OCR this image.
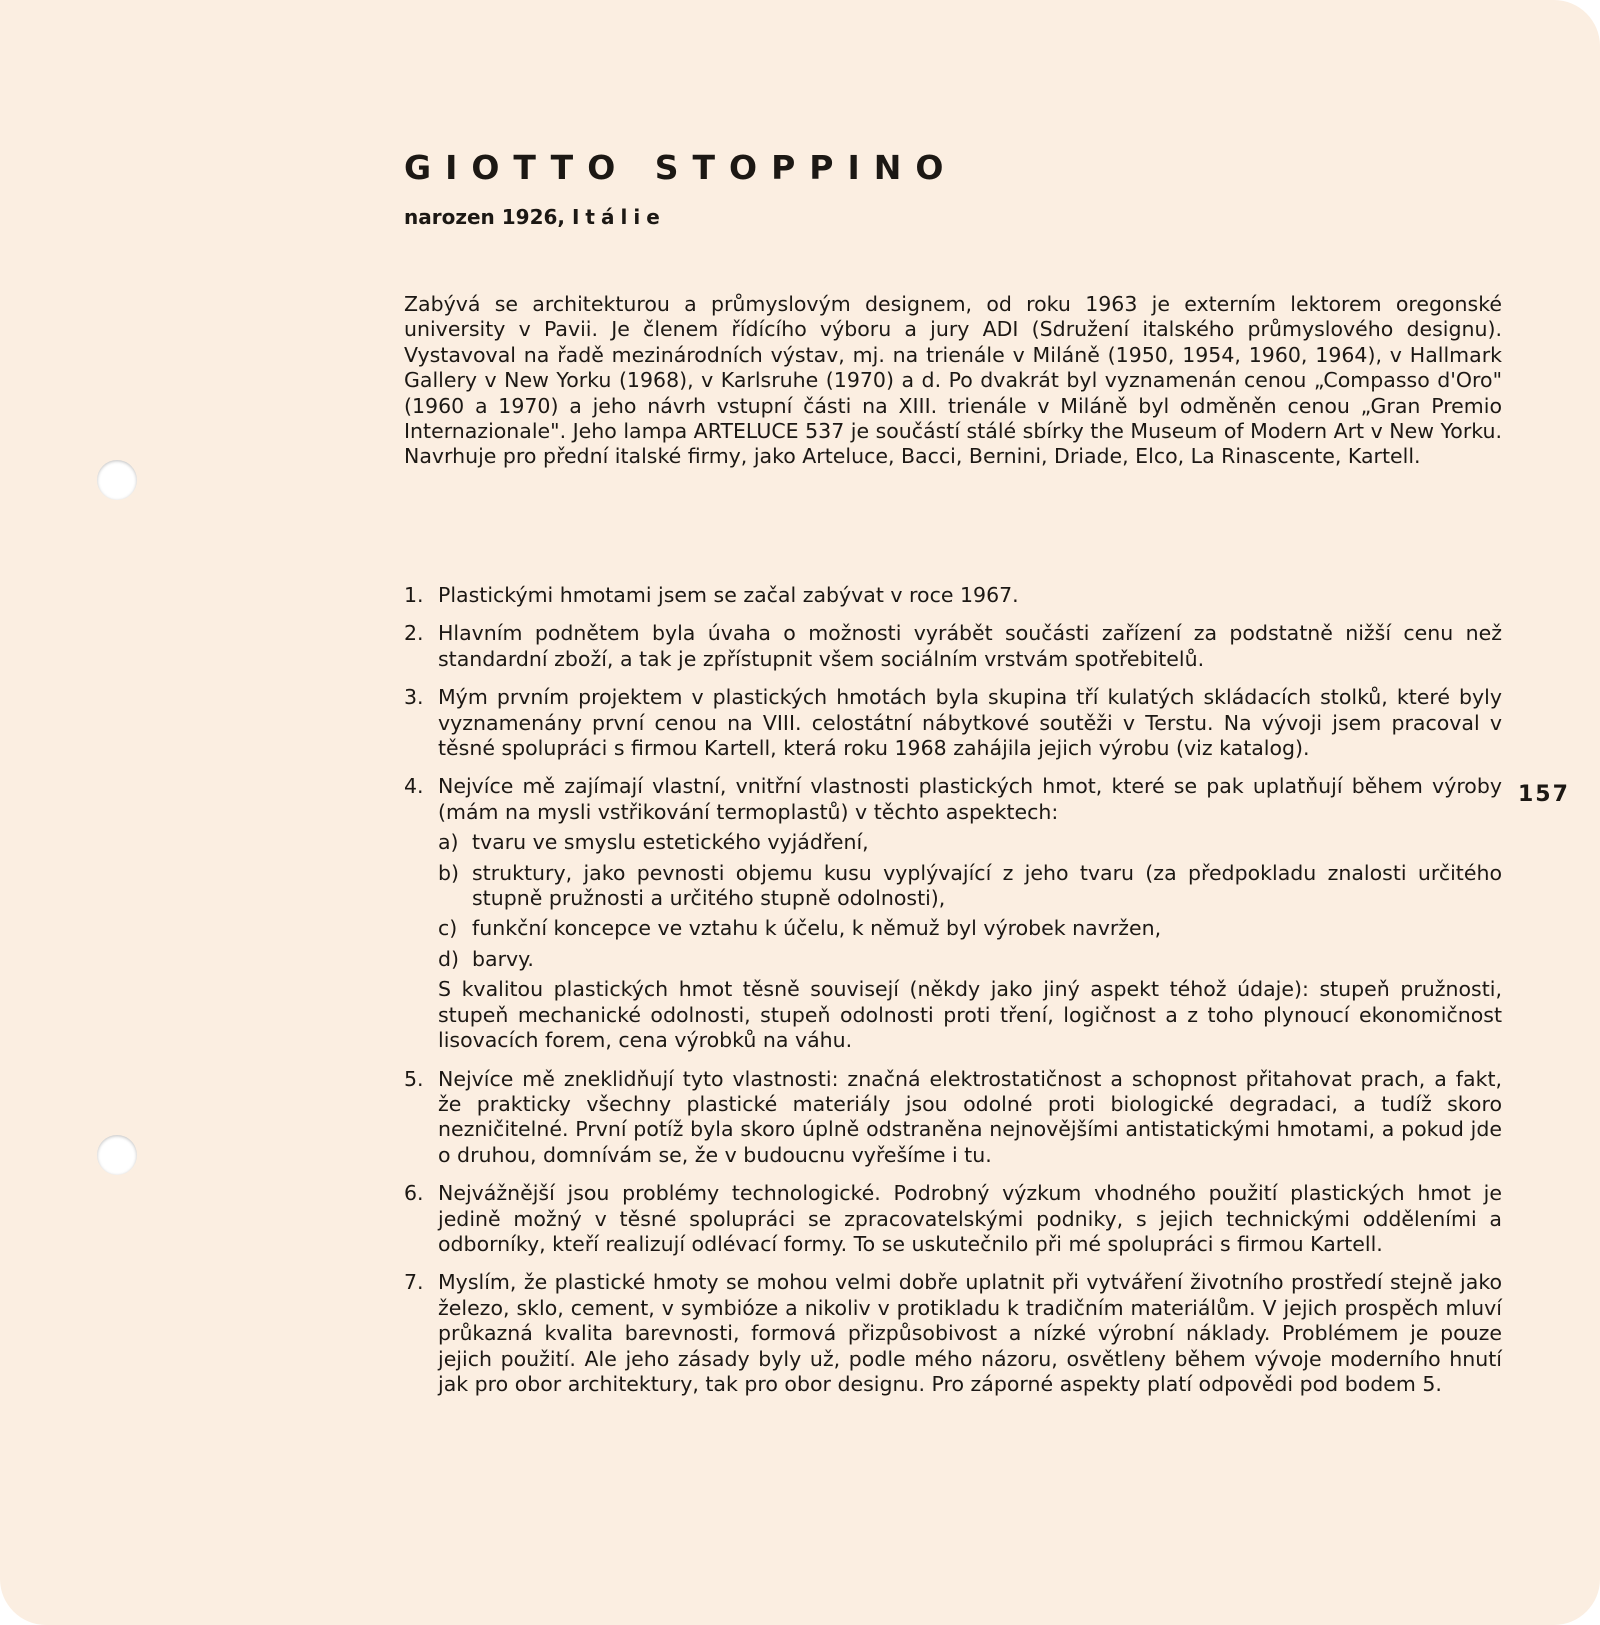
GIOTTO STOPPINO
narozen 1926, Itálie

Zabývá se architekturou a průmyslovým designem, od roku 1963 je externím lektorem oregonské university v Pavii. Je členem řídícího výboru a jury ADI (Sdružení italského průmyslového designu). Vystavoval na řadě mezinárodních výstav, mj. na trienále v Miláně (1950, 1954, 1960, 1964), v Hallmark Gallery v New Yorku (1968), v Karlsruhe (1970) a d. Po dvakrát byl vyznamenán cenou „Compasso d'Oro" (1960 a 1970) a jeho návrh vstupní části na XIII. trienále v Miláně byl odměněn cenou „Gran Premio Internazionale". Jeho lampa ARTELUCE 537 je součástí stálé sbírky the Museum of Modern Art v New Yorku. Navrhuje pro přední italské firmy, jako Arteluce, Bacci, Bernini, Driade, Elco, La Rinascente, Kartell.

1. Plastickými hmotami jsem se začal zabývat v roce 1967.
2. Hlavním podnětem byla úvaha o možnosti vyrábět součásti zařízení za podstatně nižší cenu než standardní zboží, a tak je zpřístupnit všem sociálním vrstvám spotřebitelů.
3. Mým prvním projektem v plastických hmotách byla skupina tří kulatých skládacích stolků, které byly vyznamenány první cenou na VIII. celostátní nábytkové soutěži v Terstu. Na vývoji jsem pracoval v těsné spolupráci s firmou Kartell, která roku 1968 zahájila jejich výrobu (viz katalog).
4. Nejvíce mě zajímají vlastní, vnitřní vlastnosti plastických hmot, které se pak uplatňují během výroby (mám na mysli vstřikování termoplastů) v těchto aspektech:
a) tvaru ve smyslu estetického vyjádření,
b) struktury, jako pevnosti objemu kusu vyplývající z jeho tvaru (za předpokladu znalosti určitého stupně pružnosti a určitého stupně odolnosti),
c) funkční koncepce ve vztahu k účelu, k němuž byl výrobek navržen,
d) barvy.
S kvalitou plastických hmot těsně souvisejí (někdy jako jiný aspekt téhož údaje): stupeň pružnosti, stupeň mechanické odolnosti, stupeň odolnosti proti tření, logičnost a z toho plynoucí ekonomičnost lisovacích forem, cena výrobků na váhu.
5. Nejvíce mě zneklidňují tyto vlastnosti: značná elektrostatičnost a schopnost přitahovat prach, a fakt, že prakticky všechny plastické materiály jsou odolné proti biologické degradaci, a tudíž skoro nezničitelné. První potíž byla skoro úplně odstraněna nejnovějšími antistatickými hmotami, a pokud jde o druhou, domnívám se, že v budoucnu vyřešíme i tu.
6. Nejvážnější jsou problémy technologické. Podrobný výzkum vhodného použití plastických hmot je jedině možný v těsné spolupráci se zpracovatelskými podniky, s jejich technickými odděleními a odborníky, kteří realizují odlévací formy. To se uskutečnilo při mé spolupráci s firmou Kartell.
7. Myslím, že plastické hmoty se mohou velmi dobře uplatnit při vytváření životního prostředí stejně jako železo, sklo, cement, v symbióze a nikoliv v protikladu k tradičním materiálům. V jejich prospěch mluví průkazná kvalita barevnosti, formová přizpůsobivost a nízké výrobní náklady. Problémem je pouze jejich použití. Ale jeho zásady byly už, podle mého názoru, osvětleny během vývoje moderního hnutí jak pro obor architektury, tak pro obor designu. Pro záporné aspekty platí odpovědi pod bodem 5.
157
